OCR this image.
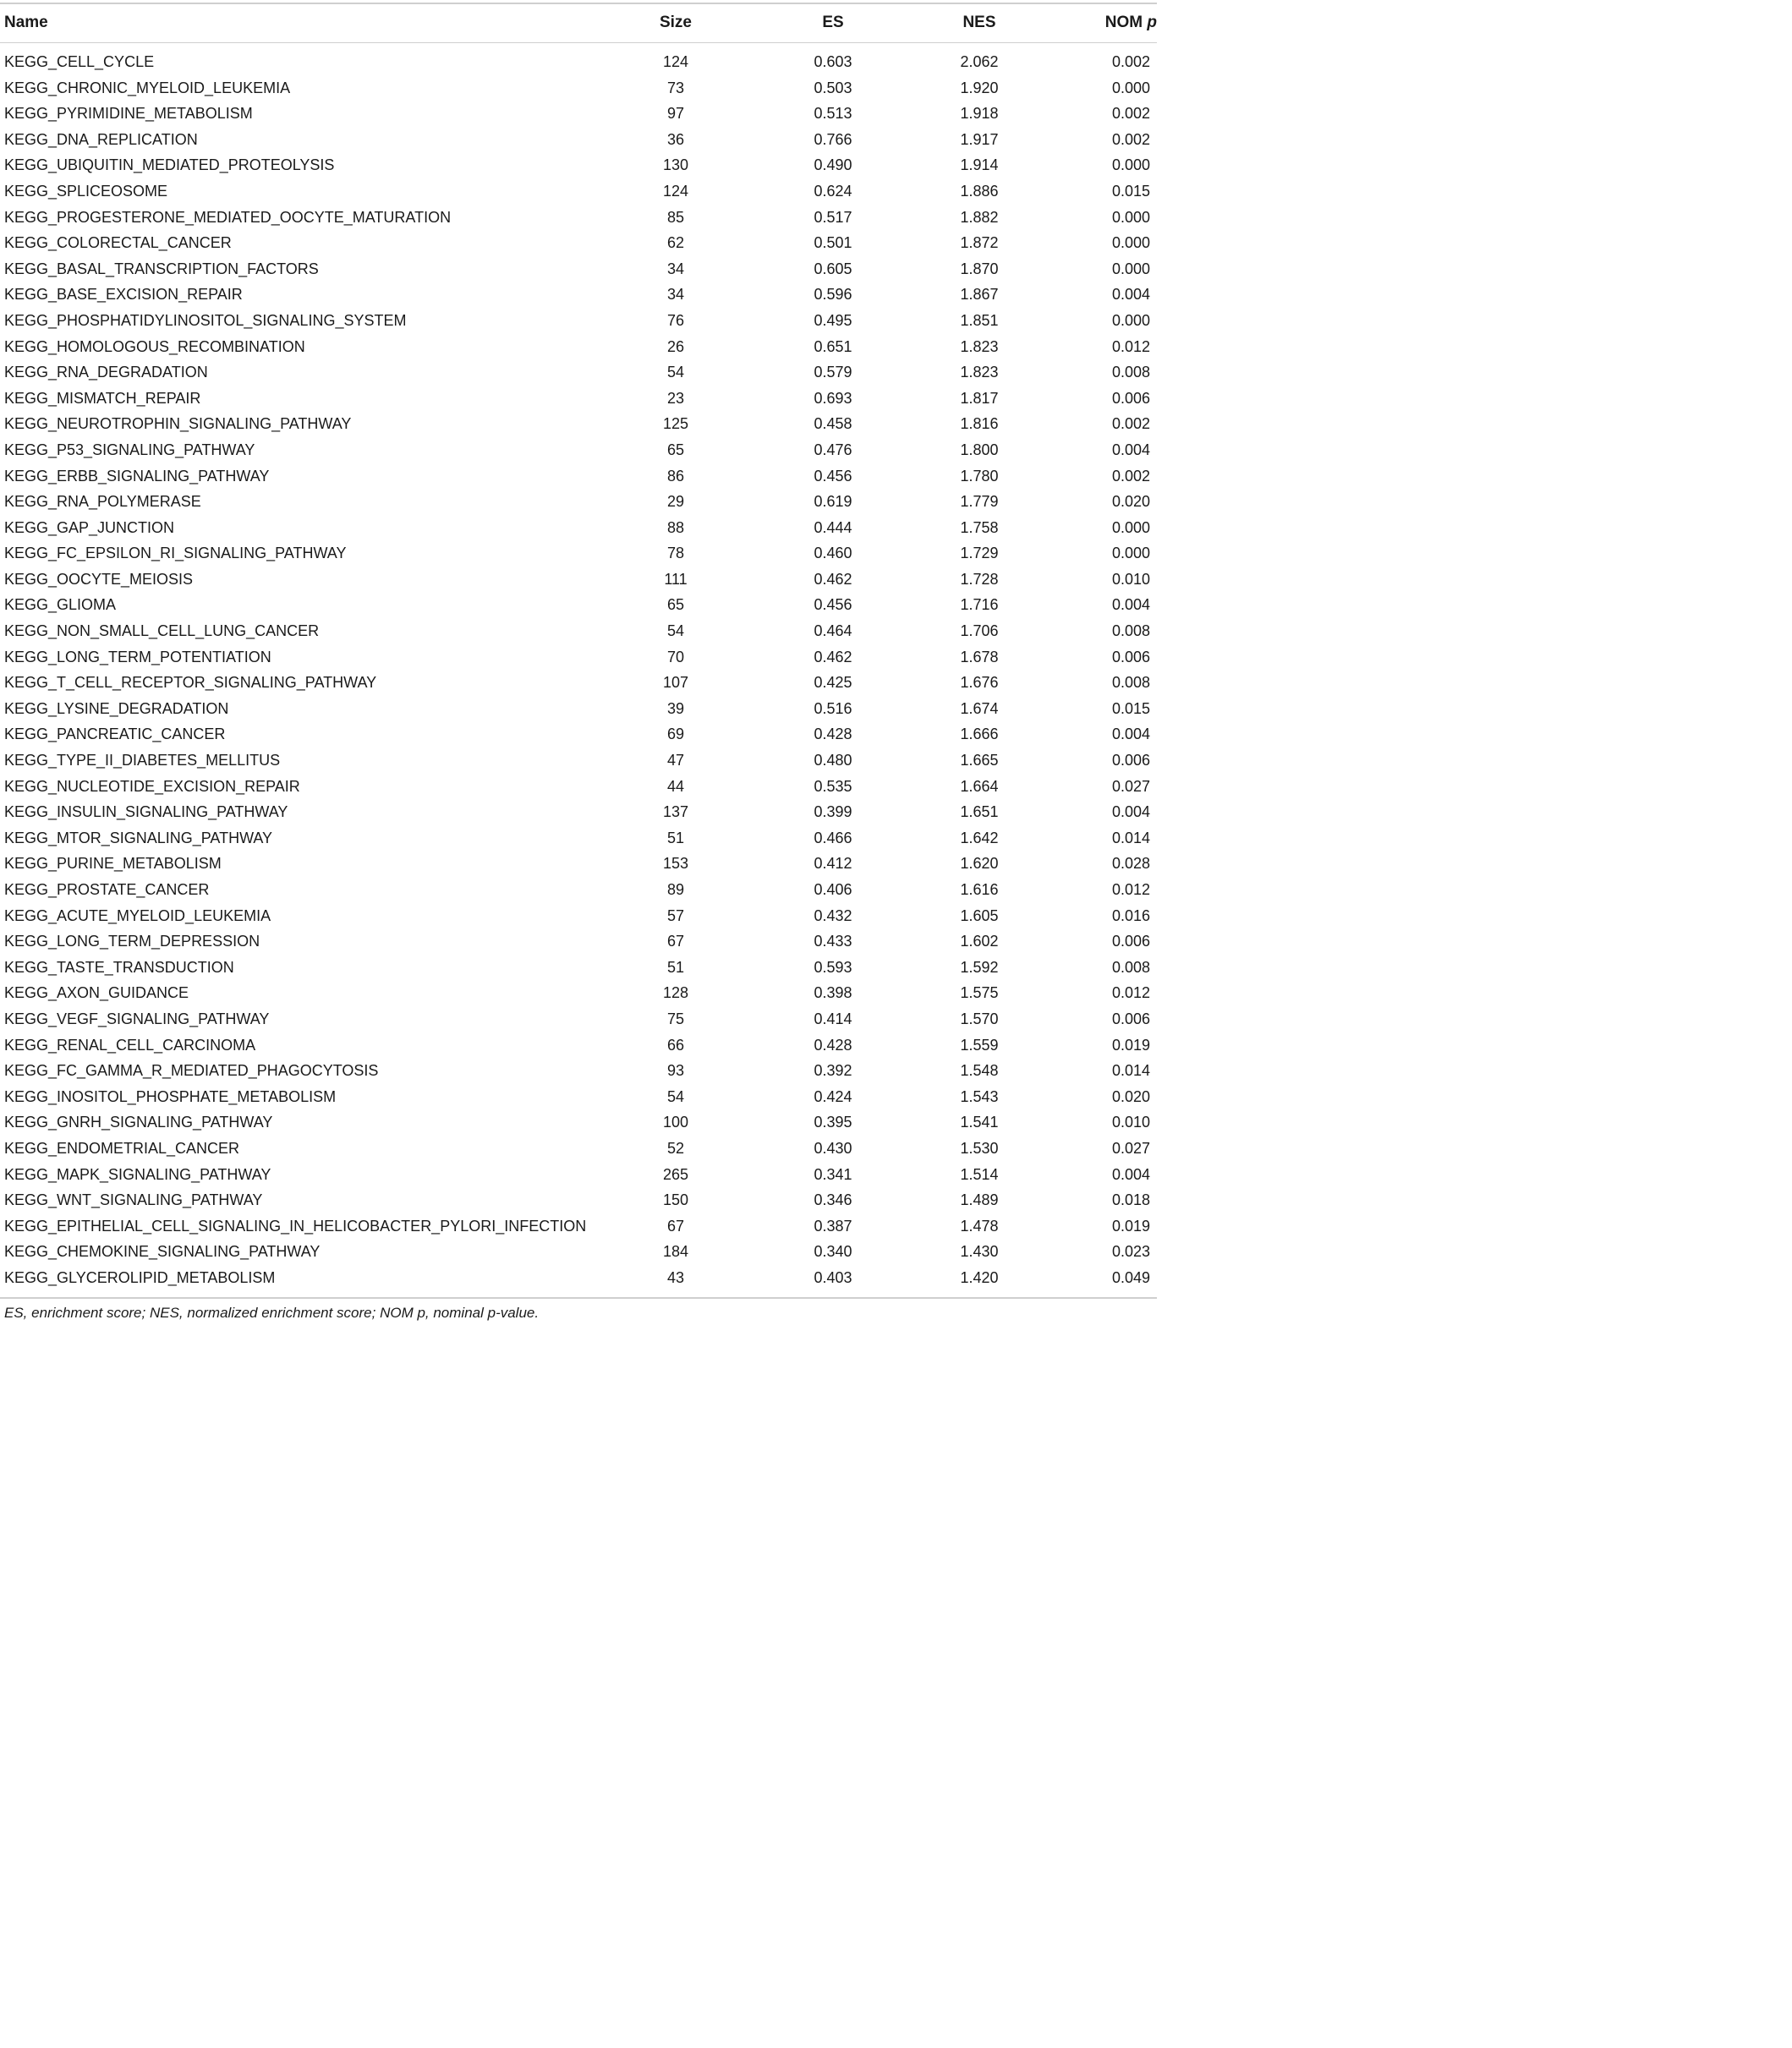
Name	Size	ES	NES	NOM p
KEGG_CELL_CYCLE	124	0.603	2.062	0.002
KEGG_CHRONIC_MYELOID_LEUKEMIA	73	0.503	1.920	0.000
KEGG_PYRIMIDINE_METABOLISM	97	0.513	1.918	0.002
KEGG_DNA_REPLICATION	36	0.766	1.917	0.002
KEGG_UBIQUITIN_MEDIATED_PROTEOLYSIS	130	0.490	1.914	0.000
KEGG_SPLICEOSOME	124	0.624	1.886	0.015
KEGG_PROGESTERONE_MEDIATED_OOCYTE_MATURATION	85	0.517	1.882	0.000
KEGG_COLORECTAL_CANCER	62	0.501	1.872	0.000
KEGG_BASAL_TRANSCRIPTION_FACTORS	34	0.605	1.870	0.000
KEGG_BASE_EXCISION_REPAIR	34	0.596	1.867	0.004
KEGG_PHOSPHATIDYLINOSITOL_SIGNALING_SYSTEM	76	0.495	1.851	0.000
KEGG_HOMOLOGOUS_RECOMBINATION	26	0.651	1.823	0.012
KEGG_RNA_DEGRADATION	54	0.579	1.823	0.008
KEGG_MISMATCH_REPAIR	23	0.693	1.817	0.006
KEGG_NEUROTROPHIN_SIGNALING_PATHWAY	125	0.458	1.816	0.002
KEGG_P53_SIGNALING_PATHWAY	65	0.476	1.800	0.004
KEGG_ERBB_SIGNALING_PATHWAY	86	0.456	1.780	0.002
KEGG_RNA_POLYMERASE	29	0.619	1.779	0.020
KEGG_GAP_JUNCTION	88	0.444	1.758	0.000
KEGG_FC_EPSILON_RI_SIGNALING_PATHWAY	78	0.460	1.729	0.000
KEGG_OOCYTE_MEIOSIS	111	0.462	1.728	0.010
KEGG_GLIOMA	65	0.456	1.716	0.004
KEGG_NON_SMALL_CELL_LUNG_CANCER	54	0.464	1.706	0.008
KEGG_LONG_TERM_POTENTIATION	70	0.462	1.678	0.006
KEGG_T_CELL_RECEPTOR_SIGNALING_PATHWAY	107	0.425	1.676	0.008
KEGG_LYSINE_DEGRADATION	39	0.516	1.674	0.015
KEGG_PANCREATIC_CANCER	69	0.428	1.666	0.004
KEGG_TYPE_II_DIABETES_MELLITUS	47	0.480	1.665	0.006
KEGG_NUCLEOTIDE_EXCISION_REPAIR	44	0.535	1.664	0.027
KEGG_INSULIN_SIGNALING_PATHWAY	137	0.399	1.651	0.004
KEGG_MTOR_SIGNALING_PATHWAY	51	0.466	1.642	0.014
KEGG_PURINE_METABOLISM	153	0.412	1.620	0.028
KEGG_PROSTATE_CANCER	89	0.406	1.616	0.012
KEGG_ACUTE_MYELOID_LEUKEMIA	57	0.432	1.605	0.016
KEGG_LONG_TERM_DEPRESSION	67	0.433	1.602	0.006
KEGG_TASTE_TRANSDUCTION	51	0.593	1.592	0.008
KEGG_AXON_GUIDANCE	128	0.398	1.575	0.012
KEGG_VEGF_SIGNALING_PATHWAY	75	0.414	1.570	0.006
KEGG_RENAL_CELL_CARCINOMA	66	0.428	1.559	0.019
KEGG_FC_GAMMA_R_MEDIATED_PHAGOCYTOSIS	93	0.392	1.548	0.014
KEGG_INOSITOL_PHOSPHATE_METABOLISM	54	0.424	1.543	0.020
KEGG_GNRH_SIGNALING_PATHWAY	100	0.395	1.541	0.010
KEGG_ENDOMETRIAL_CANCER	52	0.430	1.530	0.027
KEGG_MAPK_SIGNALING_PATHWAY	265	0.341	1.514	0.004
KEGG_WNT_SIGNALING_PATHWAY	150	0.346	1.489	0.018
KEGG_EPITHELIAL_CELL_SIGNALING_IN_HELICOBACTER_PYLORI_INFECTION	67	0.387	1.478	0.019
KEGG_CHEMOKINE_SIGNALING_PATHWAY	184	0.340	1.430	0.023
KEGG_GLYCEROLIPID_METABOLISM	43	0.403	1.420	0.049
ES, enrichment score; NES, normalized enrichment score; NOM p, nominal p-value.
